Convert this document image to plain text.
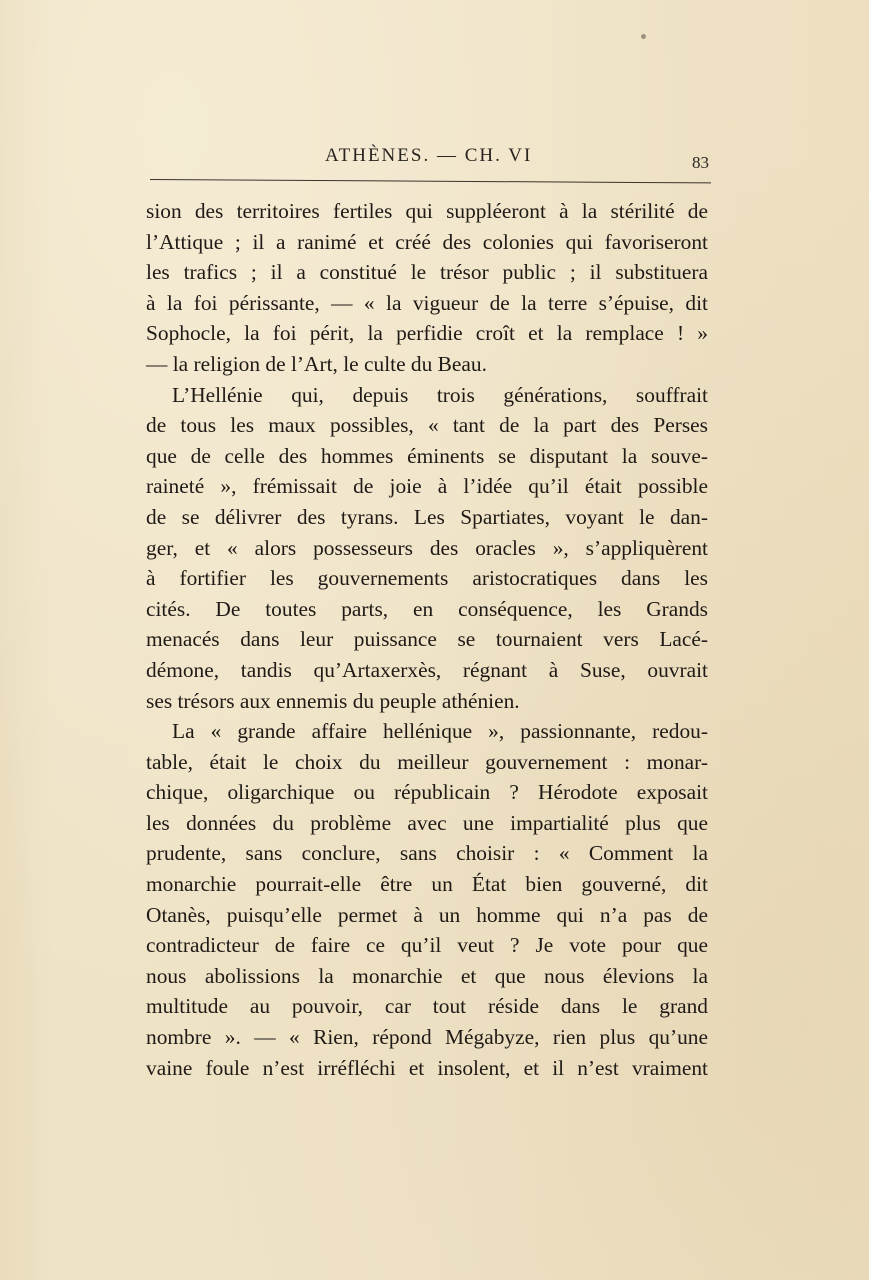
ATHÈNES. — CH. VI	83
sion des territoires fertiles qui suppléeront à la stérilité de
l’Attique ; il a ranimé et créé des colonies qui favoriseront
les trafics ; il a constitué le trésor public ; il substituera
à la foi périssante, — « la vigueur de la terre s’épuise, dit
Sophocle, la foi périt, la perfidie croît et la remplace ! »
— la religion de l’Art, le culte du Beau.
L’Hellénie qui, depuis trois générations, souffrait
de tous les maux possibles, « tant de la part des Perses
que de celle des hommes éminents se disputant la souve-
raineté », frémissait de joie à l’idée qu’il était possible
de se délivrer des tyrans. Les Spartiates, voyant le dan-
ger, et « alors possesseurs des oracles », s’appliquèrent
à fortifier les gouvernements aristocratiques dans les
cités. De toutes parts, en conséquence, les Grands
menacés dans leur puissance se tournaient vers Lacé-
démone, tandis qu’Artaxerxès, régnant à Suse, ouvrait
ses trésors aux ennemis du peuple athénien.
La « grande affaire hellénique », passionnante, redou-
table, était le choix du meilleur gouvernement : monar-
chique, oligarchique ou républicain ? Hérodote exposait
les données du problème avec une impartialité plus que
prudente, sans conclure, sans choisir : « Comment la
monarchie pourrait-elle être un État bien gouverné, dit
Otanès, puisqu’elle permet à un homme qui n’a pas de
contradicteur de faire ce qu’il veut ? Je vote pour que
nous abolissions la monarchie et que nous élevions la
multitude au pouvoir, car tout réside dans le grand
nombre ». — « Rien, répond Mégabyze, rien plus qu’une
vaine foule n’est irréfléchi et insolent, et il n’est vraiment
